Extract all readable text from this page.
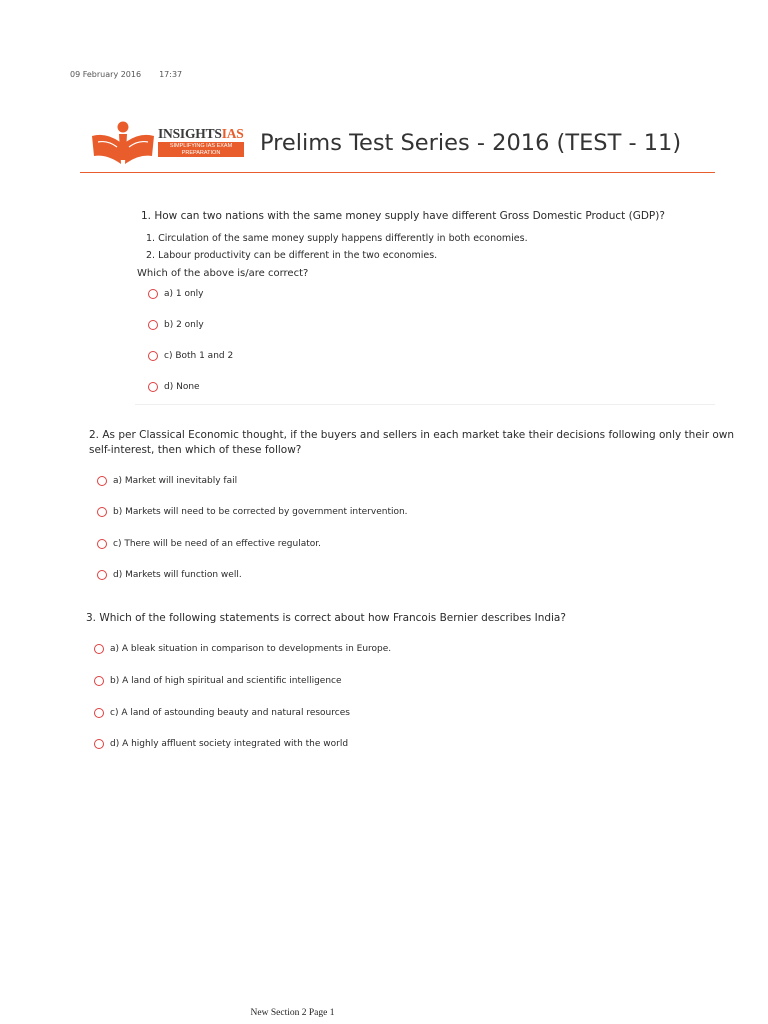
09 February 2016 17:37
INSIGHTSIAS
SIMPLIFYING IAS EXAM
PREPARATION	Prelims Test Series - 2016 (TEST - 11)
1. How can two nations with the same money supply have different Gross Domestic Product (GDP)?
1. Circulation of the same money supply happens differently in both economies.
2. Labour productivity can be different in the two economies.
Which of the above is/are correct?
a) 1 only
b) 2 only
c) Both 1 and 2
d) None
2. As per Classical Economic thought, if the buyers and sellers in each market take their decisions following only their own
self-interest, then which of these follow?
a) Market will inevitably fail
b) Markets will need to be corrected by government intervention.
c) There will be need of an effective regulator.
d) Markets will function well.
3. Which of the following statements is correct about how Francois Bernier describes India?
a) A bleak situation in comparison to developments in Europe.
b) A land of high spiritual and scientific intelligence
c) A land of astounding beauty and natural resources
d) A highly affluent society integrated with the world
New Section 2 Page 1
